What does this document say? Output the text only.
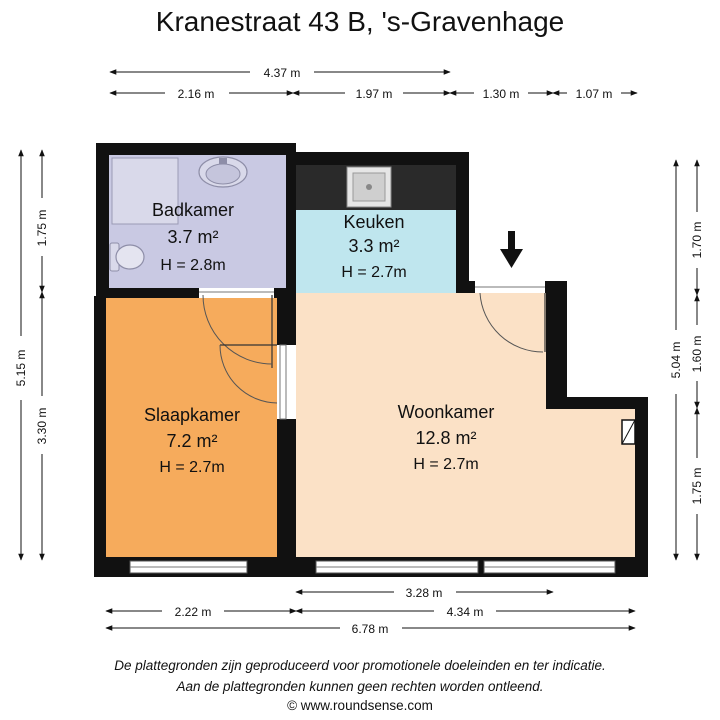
Kranestraat 43 B, 's-Gravenhage
4.37 m
2.16 m	1.97 m	1.30 m	1.07 m
5.15 m
1.75 m
3.30 m
5.04 m
1.70 m
1.60 m
1.75 m
3.28 m
2.22 m	4.34 m
6.78 m
Badkamer
3.7 m²
H = 2.8m
Keuken
3.3 m²
H = 2.7m
Slaapkamer
7.2 m²
H = 2.7m
Woonkamer
12.8 m²
H = 2.7m
De plattegronden zijn geproduceerd voor promotionele doeleinden en ter indicatie.
Aan de plattegronden kunnen geen rechten worden ontleend.
© www.roundsense.com
